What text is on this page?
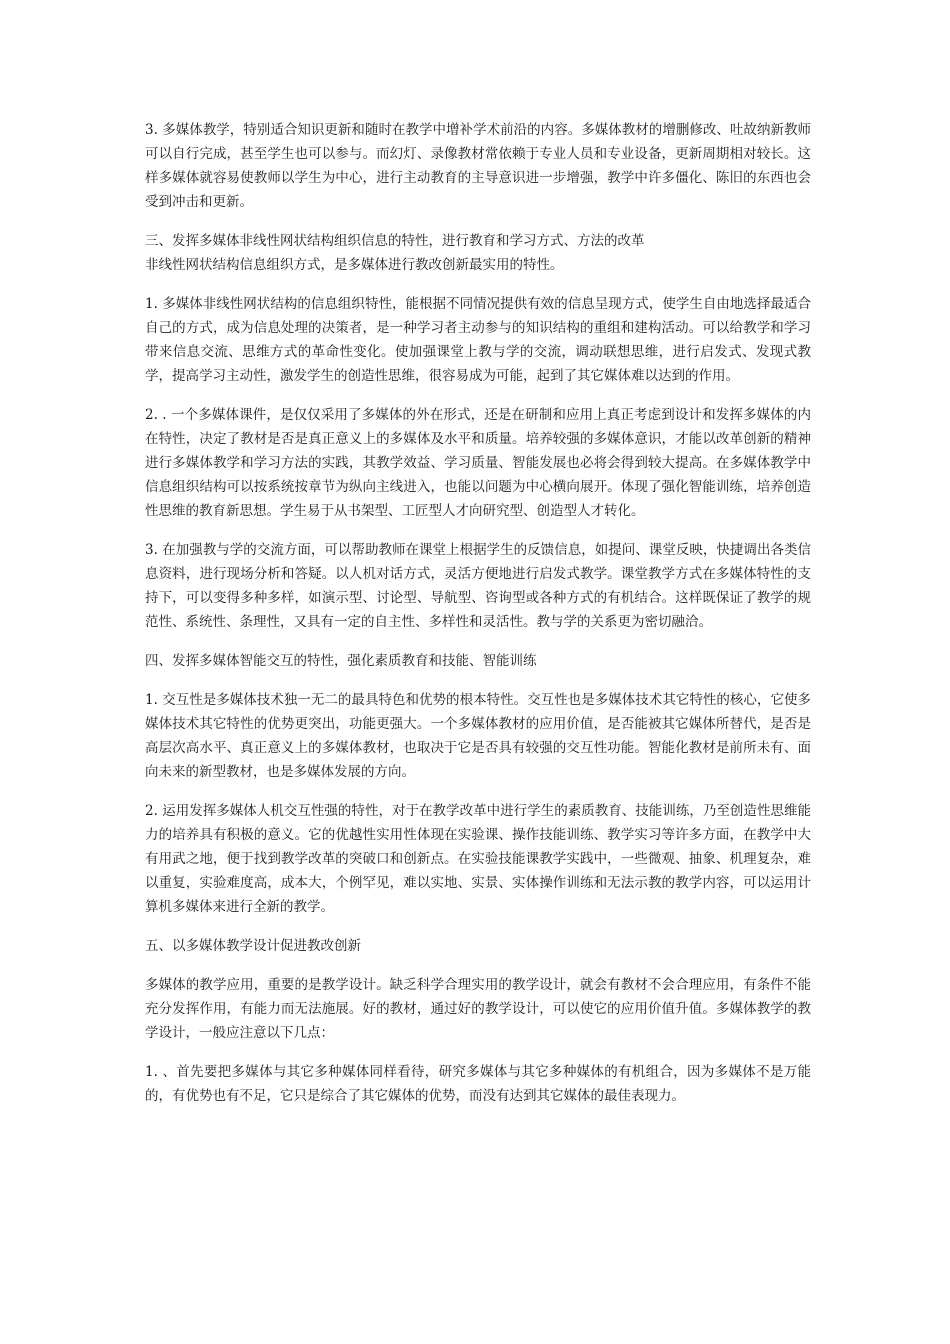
3. 多媒体教学，特别适合知识更新和随时在教学中增补学术前沿的内容。多媒体教材的增删修改、吐故纳新教师可以自行完成，甚至学生也可以参与。而幻灯、录像教材常依赖于专业人员和专业设备，更新周期相对较长。这样多媒体就容易使教师以学生为中心，进行主动教育的主导意识进一步增强，教学中许多僵化、陈旧的东西也会受到冲击和更新。

三、发挥多媒体非线性网状结构组织信息的特性，进行教育和学习方式、方法的改革

非线性网状结构信息组织方式，是多媒体进行教改创新最实用的特性。

1. 多媒体非线性网状结构的信息组织特性，能根据不同情况提供有效的信息呈现方式，使学生自由地选择最适合自己的方式，成为信息处理的决策者，是一种学习者主动参与的知识结构的重组和建构活动。可以给教学和学习带来信息交流、思维方式的革命性变化。使加强课堂上教与学的交流，调动联想思维，进行启发式、发现式教学，提高学习主动性，激发学生的创造性思维，很容易成为可能，起到了其它媒体难以达到的作用。

2. . 一个多媒体课件，是仅仅采用了多媒体的外在形式，还是在研制和应用上真正考虑到设计和发挥多媒体的内在特性，决定了教材是否是真正意义上的多媒体及水平和质量。培养较强的多媒体意识，才能以改革创新的精神进行多媒体教学和学习方法的实践，其教学效益、学习质量、智能发展也必将会得到较大提高。在多媒体教学中信息组织结构可以按系统按章节为纵向主线进入，也能以问题为中心横向展开。体现了强化智能训练，培养创造性思维的教育新思想。学生易于从书架型、工匠型人才向研究型、创造型人才转化。

3. 在加强教与学的交流方面，可以帮助教师在课堂上根据学生的反馈信息，如提问、课堂反映，快捷调出各类信息资料，进行现场分析和答疑。以人机对话方式，灵活方便地进行启发式教学。课堂教学方式在多媒体特性的支持下，可以变得多种多样，如演示型、讨论型、导航型、咨询型或各种方式的有机结合。这样既保证了教学的规范性、系统性、条理性，又具有一定的自主性、多样性和灵活性。教与学的关系更为密切融洽。

四、发挥多媒体智能交互的特性，强化素质教育和技能、智能训练

1. 交互性是多媒体技术独一无二的最具特色和优势的根本特性。交互性也是多媒体技术其它特性的核心，它使多媒体技术其它特性的优势更突出，功能更强大。一个多媒体教材的应用价值，是否能被其它媒体所替代，是否是高层次高水平、真正意义上的多媒体教材，也取决于它是否具有较强的交互性功能。智能化教材是前所未有、面向未来的新型教材，也是多媒体发展的方向。

2. 运用发挥多媒体人机交互性强的特性，对于在教学改革中进行学生的素质教育、技能训练，乃至创造性思维能力的培养具有积极的意义。它的优越性实用性体现在实验课、操作技能训练、教学实习等许多方面，在教学中大有用武之地，便于找到教学改革的突破口和创新点。在实验技能课教学实践中，一些微观、抽象、机理复杂，难以重复，实验难度高，成本大，个例罕见，难以实地、实景、实体操作训练和无法示教的教学内容，可以运用计算机多媒体来进行全新的教学。

五、以多媒体教学设计促进教改创新

多媒体的教学应用，重要的是教学设计。缺乏科学合理实用的教学设计，就会有教材不会合理应用，有条件不能充分发挥作用，有能力而无法施展。好的教材，通过好的教学设计，可以使它的应用价值升值。多媒体教学的教学设计，一般应注意以下几点：

1. 、首先要把多媒体与其它多种媒体同样看待，研究多媒体与其它多种媒体的有机组合，因为多媒体不是万能的，有优势也有不足，它只是综合了其它媒体的优势，而没有达到其它媒体的最佳表现力。
